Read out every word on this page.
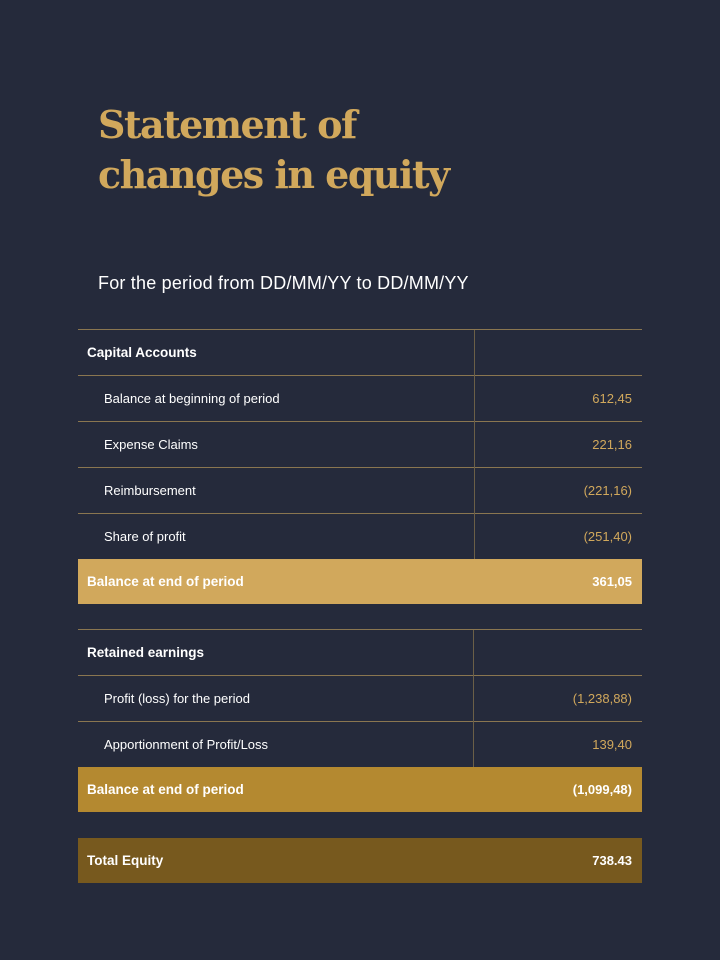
Statement of
changes in equity
For the period from DD/MM/YY to DD/MM/YY
Capital Accounts	
Balance at beginning of period	612,45
Expense Claims	221,16
Reimbursement	(221,16)
Share of profit	(251,40)
Balance at end of period	361,05
Retained earnings	
Profit (loss) for the period	(1,238,88)
Apportionment of Profit/Loss	139,40
Balance at end of period	(1,099,48)
Total Equity	738.43
